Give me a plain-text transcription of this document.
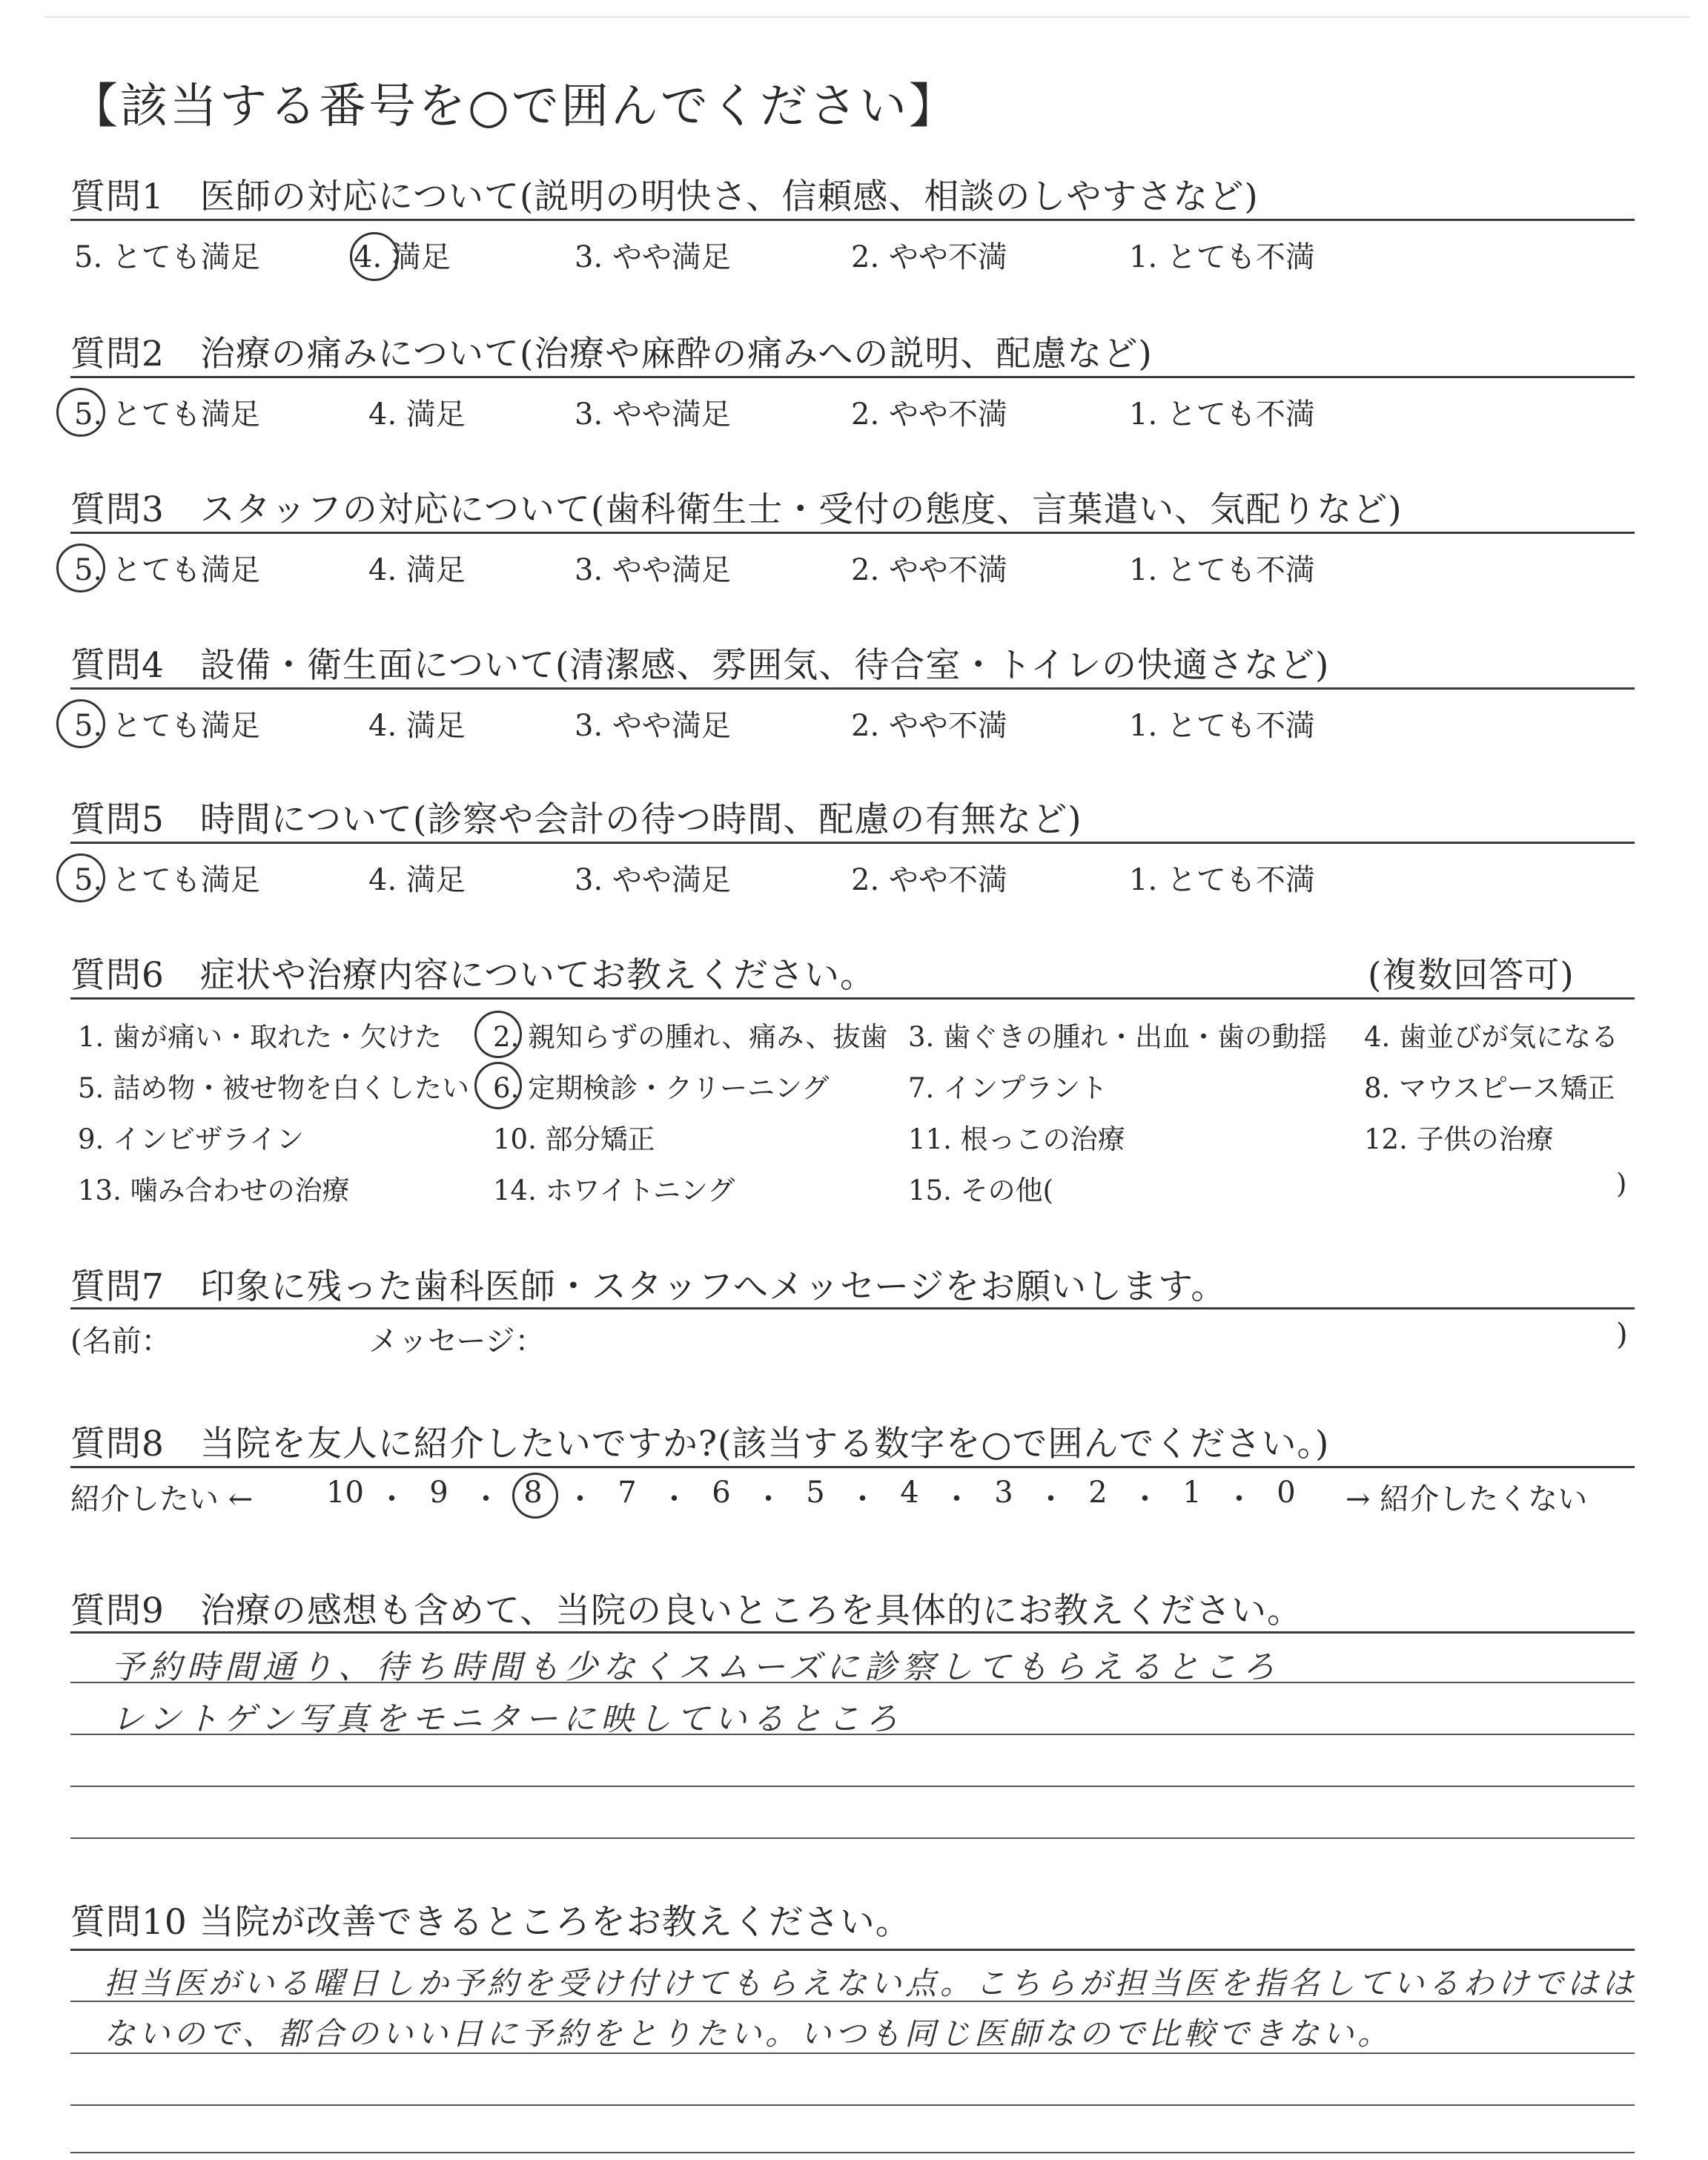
【該当する番号を○で囲んでください】
質問1　医師の対応について(説明の明快さ、信頼感、相談のしやすさなど)
5. とても満足	4. 満足	3. やや満足	2. やや不満	1. とても不満
質問2　治療の痛みについて(治療や麻酔の痛みへの説明、配慮など)
5. とても満足	4. 満足	3. やや満足	2. やや不満	1. とても不満
質問3　スタッフの対応について(歯科衛生士・受付の態度、言葉遣い、気配りなど)
5. とても満足	4. 満足	3. やや満足	2. やや不満	1. とても不満
質問4　設備・衛生面について(清潔感、雰囲気、待合室・トイレの快適さなど)
5. とても満足	4. 満足	3. やや満足	2. やや不満	1. とても不満
質問5　時間について(診察や会計の待つ時間、配慮の有無など)
5. とても満足	4. 満足	3. やや満足	2. やや不満	1. とても不満
質問6　症状や治療内容についてお教えください。	(複数回答可)
1. 歯が痛い・取れた・欠けた 2. 親知らずの腫れ、痛み、抜歯 3. 歯ぐきの腫れ・出血・歯の動揺 4. 歯並びが気になる
5. 詰め物・被せ物を白くしたい 6. 定期検診・クリーニング	7. インプラント	8. マウスピース矯正
9. インビザライン	10. 部分矯正	11. 根っこの治療	12. 子供の治療
13. 噛み合わせの治療	14. ホワイトニング	15. その他(	)
質問7　印象に残った歯科医師・スタッフへメッセージをお願いします。
(名前：	メッセージ：	)
質問8　当院を友人に紹介したいですか?(該当する数字を○で囲んでください。)
紹介したい ←	→ 紹介したくない
10 ・ 9 ・ 8 ・ 7 ・ 6 ・ 5 ・ 4 ・ 3 ・ 2 ・ 1 ・ 0
質問9　治療の感想も含めて、当院の良いところを具体的にお教えください。
予約時間通り、待ち時間も少なくスムーズに診察してもらえるところ
レントゲン写真をモニターに映しているところ
質問10 当院が改善できるところをお教えください。
担当医がいる曜日しか予約を受け付けてもらえない点。こちらが担当医を指名しているわけではは
ないので、都合のいい日に予約をとりたい。いつも同じ医師なので比較できない。
